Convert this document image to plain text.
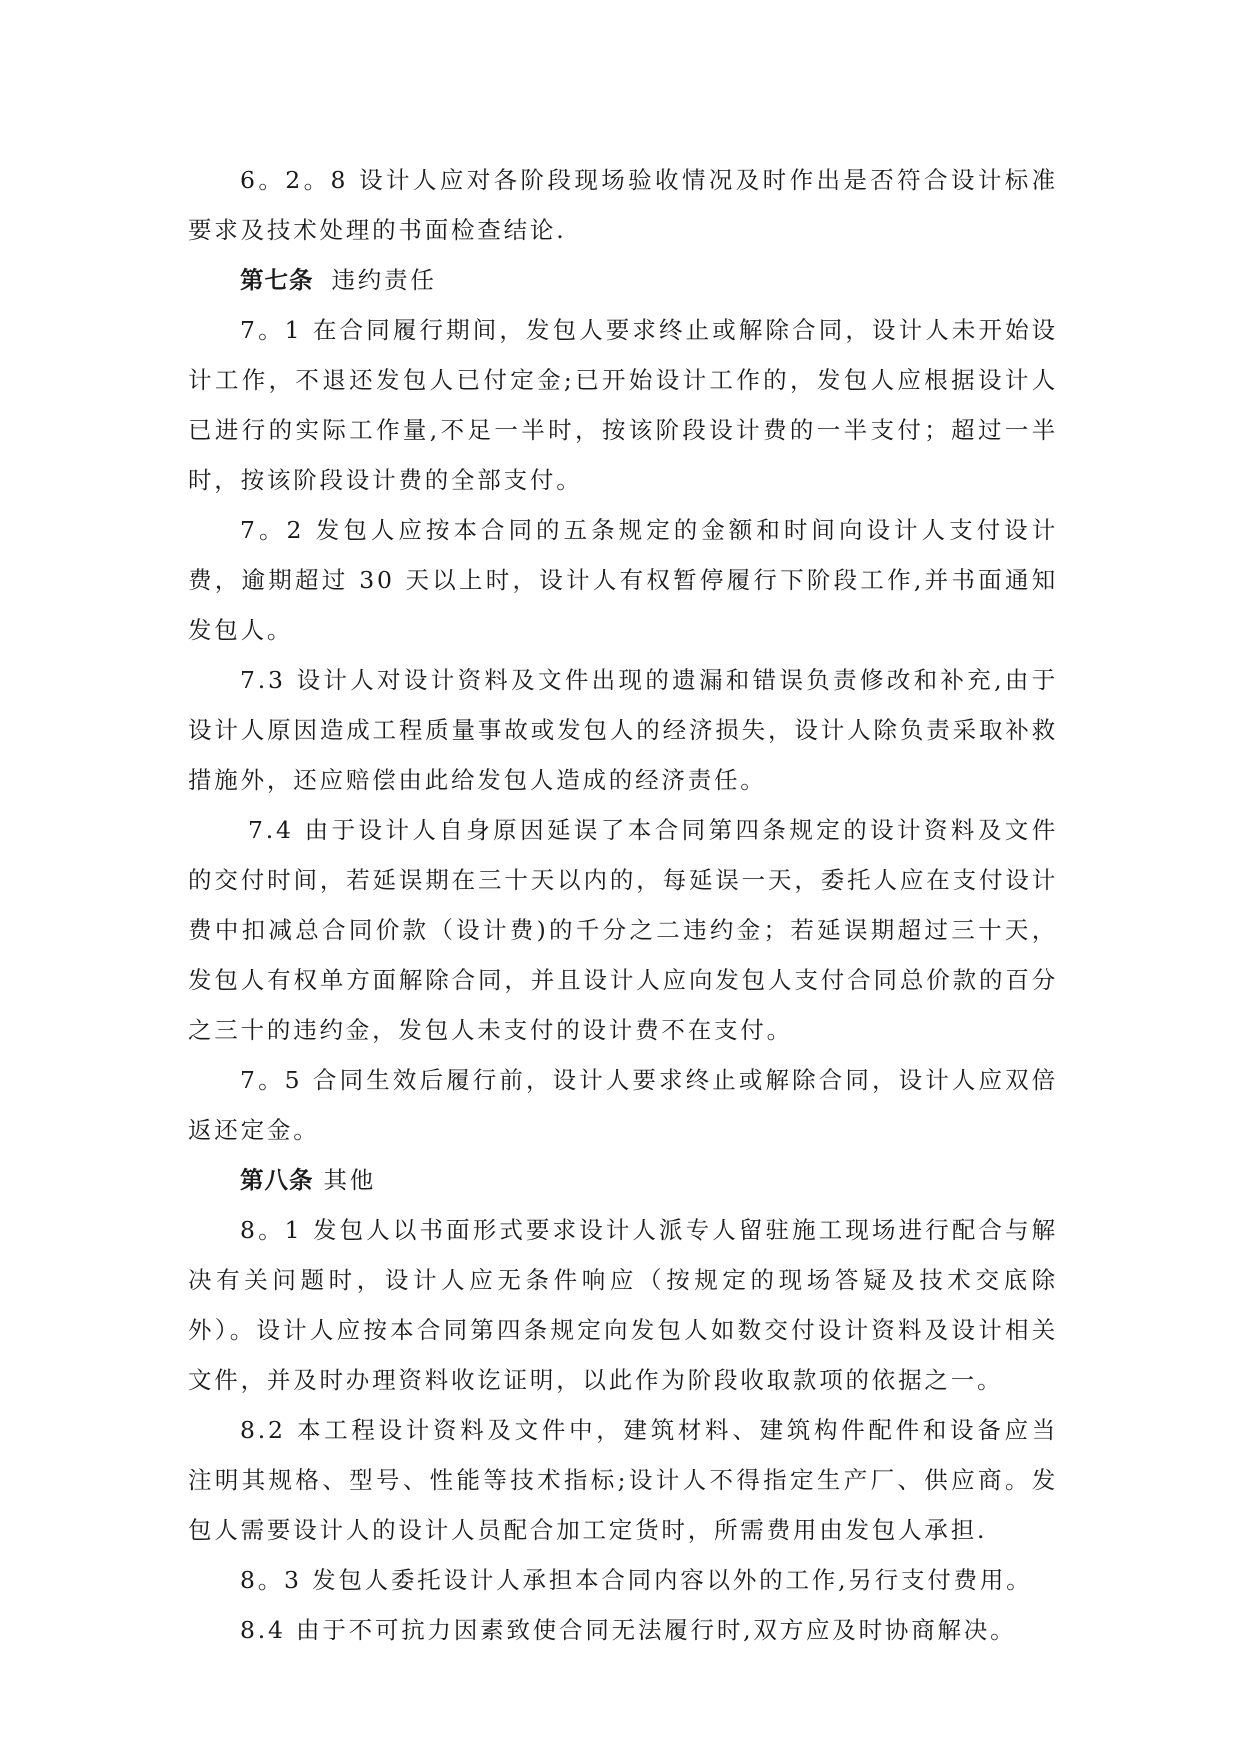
6。2。8 设计人应对各阶段现场验收情况及时作出是否符合设计标准要求及技术处理的书面检查结论.

第七条 违约责任

7。1 在合同履行期间，发包人要求终止或解除合同，设计人未开始设计工作，不退还发包人已付定金;已开始设计工作的，发包人应根据设计人已进行的实际工作量,不足一半时，按该阶段设计费的一半支付；超过一半时，按该阶段设计费的全部支付。

7。2 发包人应按本合同的五条规定的金额和时间向设计人支付设计费，逾期超过 30 天以上时，设计人有权暂停履行下阶段工作,并书面通知发包人。

7.3 设计人对设计资料及文件出现的遗漏和错误负责修改和补充,由于设计人原因造成工程质量事故或发包人的经济损失，设计人除负责采取补救措施外，还应赔偿由此给发包人造成的经济责任。

7.4 由于设计人自身原因延误了本合同第四条规定的设计资料及文件的交付时间，若延误期在三十天以内的，每延误一天，委托人应在支付设计费中扣减总合同价款（设计费)的千分之二违约金；若延误期超过三十天，发包人有权单方面解除合同，并且设计人应向发包人支付合同总价款的百分之三十的违约金，发包人未支付的设计费不在支付。

7。5 合同生效后履行前，设计人要求终止或解除合同，设计人应双倍返还定金。

第八条 其他

8。1 发包人以书面形式要求设计人派专人留驻施工现场进行配合与解决有关问题时，设计人应无条件响应（按规定的现场答疑及技术交底除外）。设计人应按本合同第四条规定向发包人如数交付设计资料及设计相关文件，并及时办理资料收讫证明，以此作为阶段收取款项的依据之一。

8.2 本工程设计资料及文件中，建筑材料、建筑构件配件和设备应当注明其规格、型号、性能等技术指标;设计人不得指定生产厂、供应商。发包人需要设计人的设计人员配合加工定货时，所需费用由发包人承担.

8。3 发包人委托设计人承担本合同内容以外的工作,另行支付费用。

8.4 由于不可抗力因素致使合同无法履行时,双方应及时协商解决。
